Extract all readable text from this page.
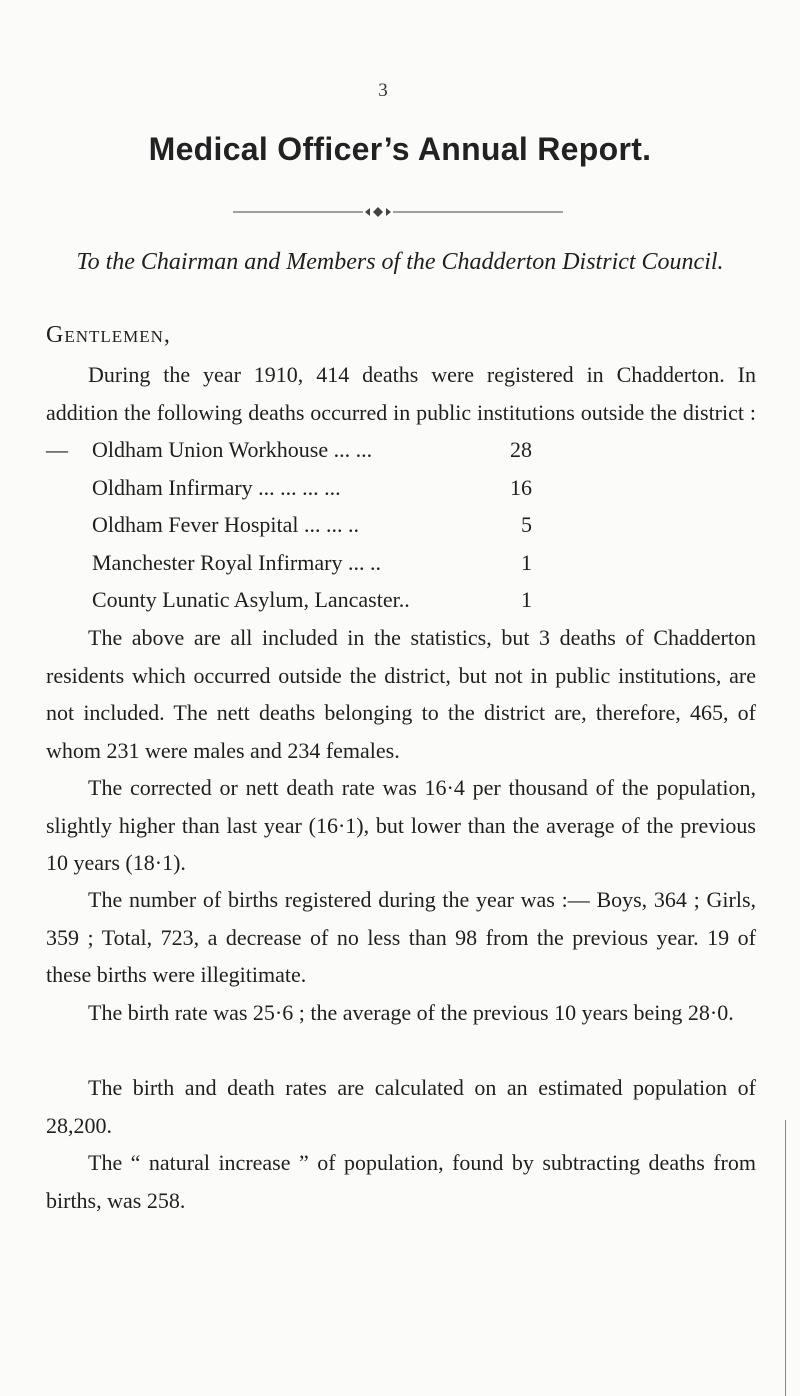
3
Medical Officer’s Annual Report.
To the Chairman and Members of the Chadderton District Council.
Gentlemen,

During the year 1910, 414 deaths were registered in Chadderton. In addition the following deaths occurred in public institutions outside the district :—	Oldham Union Workhouse ... ...	28
Oldham Infirmary ... ... ... ...	16
Oldham Fever Hospital ... ... ..	5
Manchester Royal Infirmary ... ..	1
County Lunatic Asylum, Lancaster..	1

The above are all included in the statistics, but 3 deaths of Chadderton residents which occurred outside the district, but not in public institutions, are not included. The nett deaths belonging to the district are, therefore, 465, of whom 231 were males and 234 females.

The corrected or nett death rate was 16·4 per thousand of the population, slightly higher than last year (16·1), but lower than the average of the previous 10 years (18·1).

The number of births registered during the year was :— Boys, 364 ; Girls, 359 ; Total, 723, a decrease of no less than 98 from the previous year. 19 of these births were illegitimate.

The birth rate was 25·6 ; the average of the previous 10 years being 28·0.

The birth and death rates are calculated on an estimated population of 28,200.

The “ natural increase ” of population, found by subtracting deaths from births, was 258.
